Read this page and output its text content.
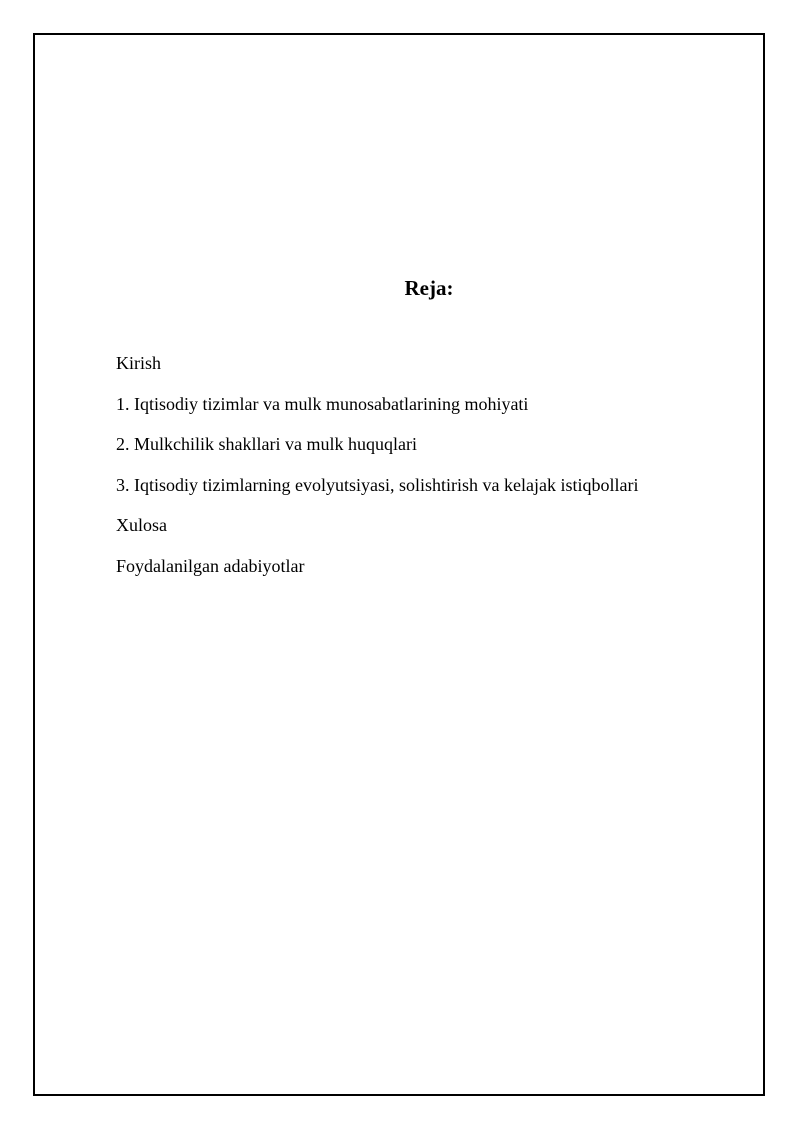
Reja:
Kirish
1. Iqtisodiy tizimlar va mulk munosabatlarining mohiyati
2. Mulkchilik shakllari va mulk huquqlari
3. Iqtisodiy tizimlarning evolyutsiyasi, solishtirish va kelajak istiqbollari
Xulosa
Foydalanilgan adabiyotlar
